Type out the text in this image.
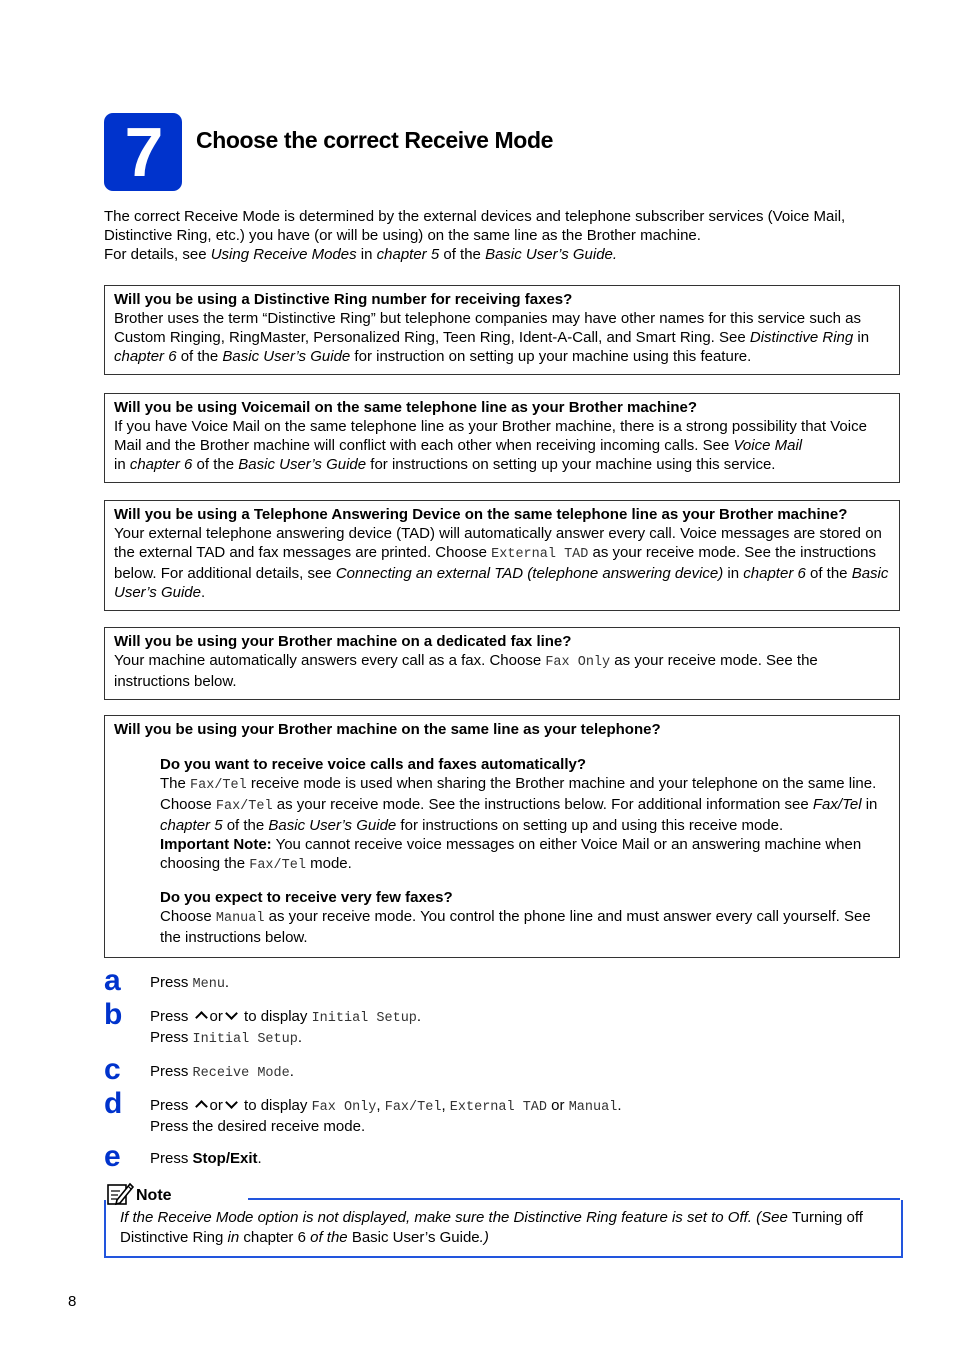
7	Choose the correct Receive Mode
The correct Receive Mode is determined by the external devices and telephone subscriber services (Voice Mail, Distinctive Ring, etc.) you have (or will be using) on the same line as the Brother machine.
For details, see Using Receive Modes in chapter 5 of the Basic User’s Guide.
Will you be using a Distinctive Ring number for receiving faxes?
Brother uses the term “Distinctive Ring” but telephone companies may have other names for this service such as Custom Ringing, RingMaster, Personalized Ring, Teen Ring, Ident-A-Call, and Smart Ring. See Distinctive Ring in chapter 6 of the Basic User’s Guide for instruction on setting up your machine using this feature.
Will you be using Voicemail on the same telephone line as your Brother machine?
If you have Voice Mail on the same telephone line as your Brother machine, there is a strong possibility that Voice Mail and the Brother machine will conflict with each other when receiving incoming calls. See Voice Mail
in chapter 6 of the Basic User’s Guide for instructions on setting up your machine using this service.
Will you be using a Telephone Answering Device on the same telephone line as your Brother machine?
Your external telephone answering device (TAD) will automatically answer every call. Voice messages are stored on the external TAD and fax messages are printed. Choose External TAD as your receive mode. See the instructions below. For additional details, see Connecting an external TAD (telephone answering device) in chapter 6 of the Basic User’s Guide.
Will you be using your Brother machine on a dedicated fax line?
Your machine automatically answers every call as a fax. Choose Fax Only as your receive mode. See the instructions below.
Will you be using your Brother machine on the same line as your telephone?
Do you want to receive voice calls and faxes automatically?
The Fax/Tel receive mode is used when sharing the Brother machine and your telephone on the same line. Choose Fax/Tel as your receive mode. See the instructions below. For additional information see Fax/Tel in chapter 5 of the Basic User’s Guide for instructions on setting up and using this receive mode.
Important Note: You cannot receive voice messages on either Voice Mail or an answering machine when choosing the Fax/Tel mode.
Do you expect to receive very few faxes?
Choose Manual as your receive mode. You control the phone line and must answer every call yourself. See the instructions below.
a Press Menu.
b Press or to display Initial Setup.
Press Initial Setup.
c Press Receive Mode.
d Press or to display Fax Only, Fax/Tel, External TAD or Manual.
Press the desired receive mode.
e Press Stop/Exit.
Note
If the Receive Mode option is not displayed, make sure the Distinctive Ring feature is set to Off. (See Turning off Distinctive Ring in chapter 6 of the Basic User’s Guide.)
8
